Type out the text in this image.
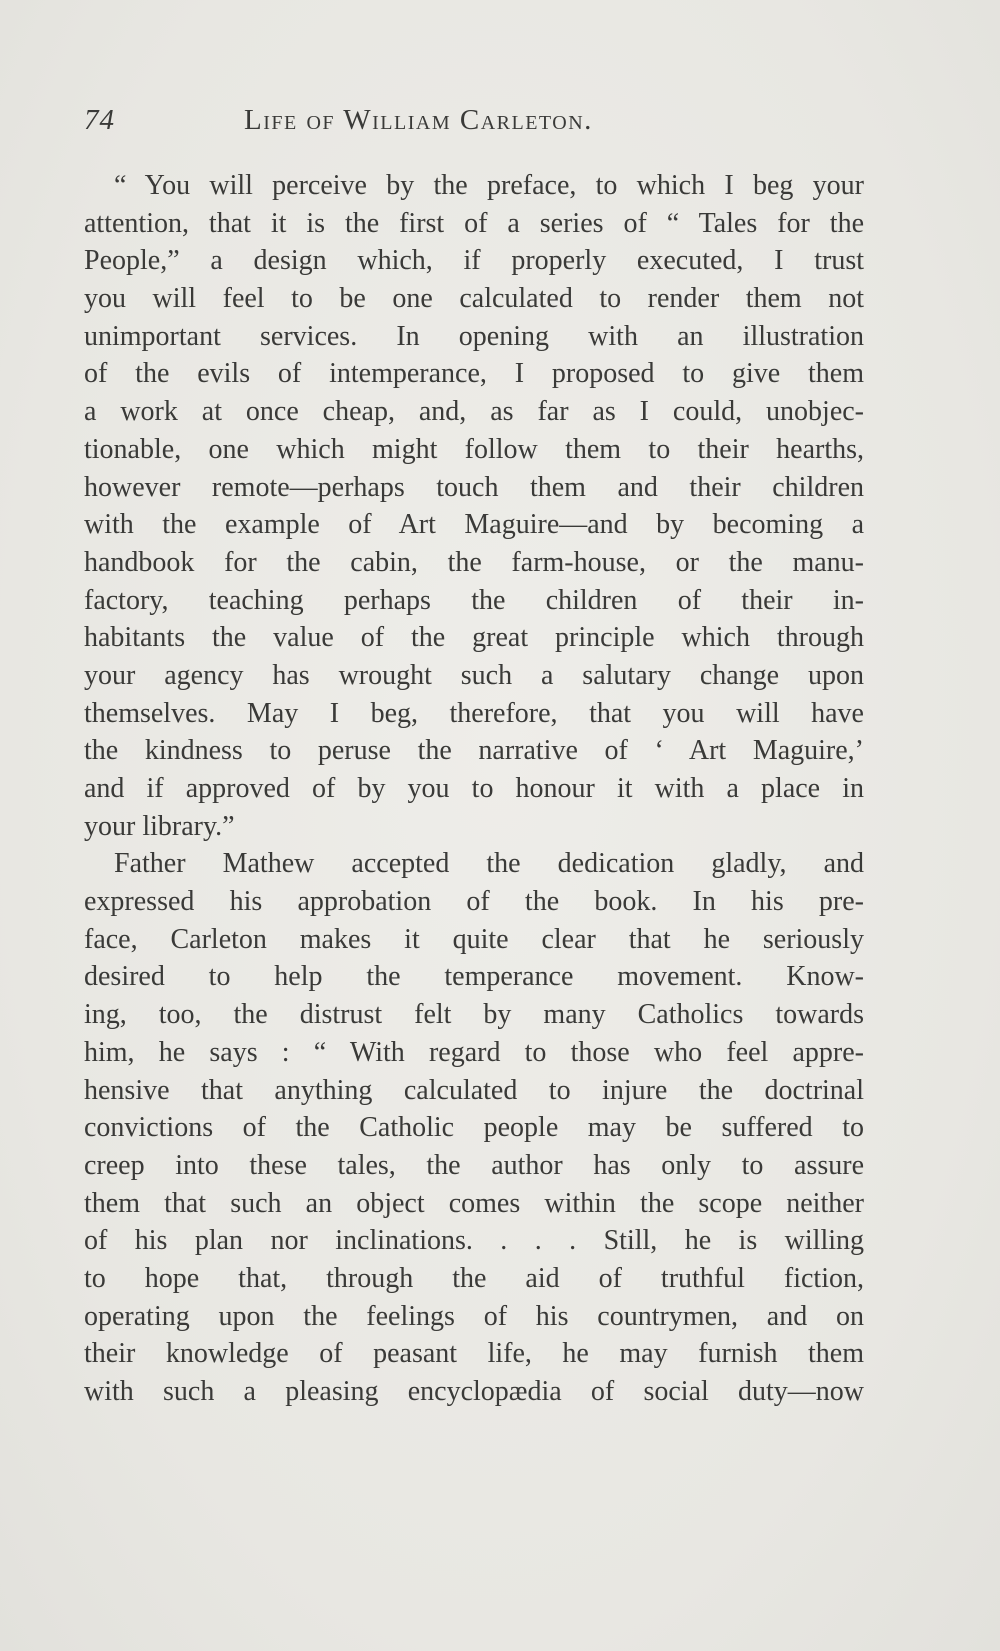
74	Life of William Carleton.

“ You will perceive by the preface, to which I beg your
attention, that it is the first of a series of “ Tales for the
People,” a design which, if properly executed, I trust
you will feel to be one calculated to render them not
unimportant services. In opening with an illustration
of the evils of intemperance, I proposed to give them
a work at once cheap, and, as far as I could, unobjec-
tionable, one which might follow them to their hearths,
however remote—perhaps touch them and their children
with the example of Art Maguire—and by becoming a
handbook for the cabin, the farm-house, or the manu-
factory, teaching perhaps the children of their in-
habitants the value of the great principle which through
your agency has wrought such a salutary change upon
themselves. May I beg, therefore, that you will have
the kindness to peruse the narrative of ‘ Art Maguire,’
and if approved of by you to honour it with a place in
your library.”

Father Mathew accepted the dedication gladly, and
expressed his approbation of the book. In his pre-
face, Carleton makes it quite clear that he seriously
desired to help the temperance movement. Know-
ing, too, the distrust felt by many Catholics towards
him, he says : “ With regard to those who feel appre-
hensive that anything calculated to injure the doctrinal
convictions of the Catholic people may be suffered to
creep into these tales, the author has only to assure
them that such an object comes within the scope neither
of his plan nor inclinations. . . . Still, he is willing
to hope that, through the aid of truthful fiction,
operating upon the feelings of his countrymen, and on
their knowledge of peasant life, he may furnish them
with such a pleasing encyclopædia of social duty—now
